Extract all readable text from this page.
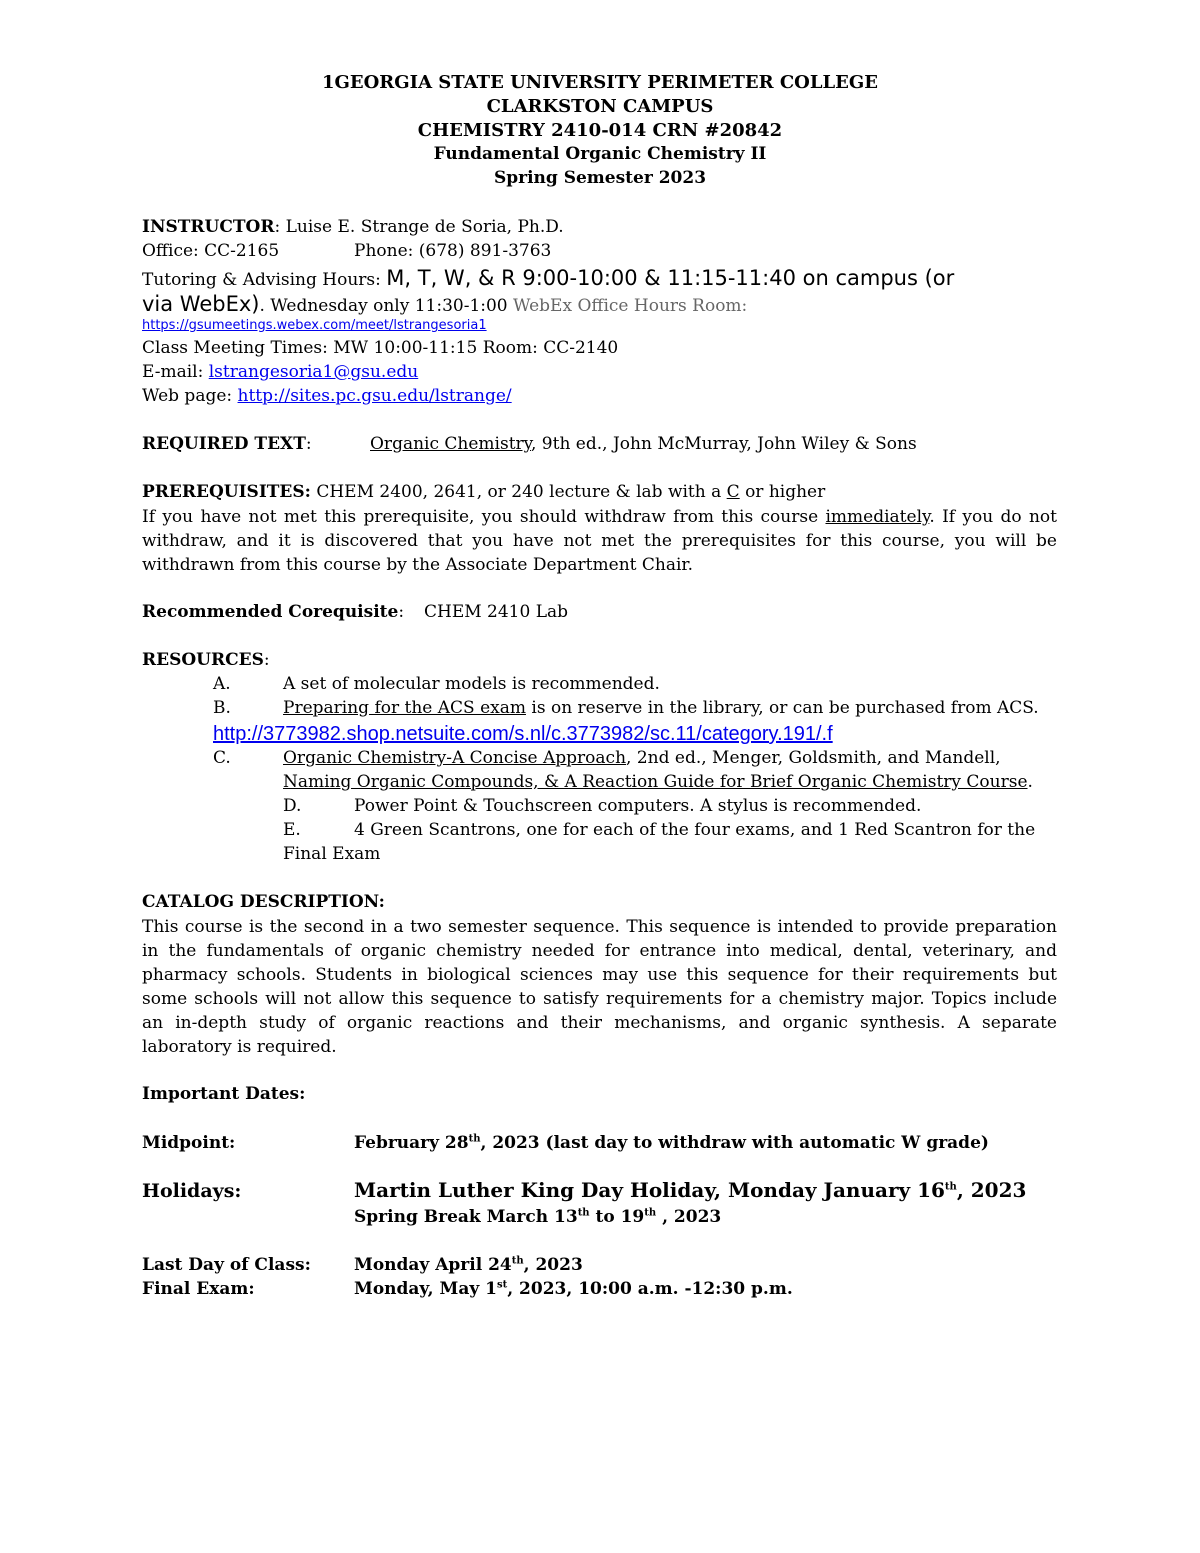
1GEORGIA STATE UNIVERSITY PERIMETER COLLEGE
CLARKSTON CAMPUS
CHEMISTRY 2410-014 CRN #20842
Fundamental Organic Chemistry II
Spring Semester 2023
INSTRUCTOR: Luise E. Strange de Soria, Ph.D.
Office: CC-2165	Phone: (678) 891-3763
Tutoring & Advising Hours: M, T, W, & R 9:00-10:00 & 11:15-11:40 on campus (or
via WebEx). Wednesday only 11:30-1:00 WebEx Office Hours Room:
https://gsumeetings.webex.com/meet/lstrangesoria1
Class Meeting Times: MW 10:00-11:15 Room: CC-2140
E-mail: lstrangesoria1@gsu.edu
Web page: http://sites.pc.gsu.edu/lstrange/
REQUIRED TEXT:	Organic Chemistry, 9th ed., John McMurray, John Wiley & Sons
PREREQUISITES: CHEM 2400, 2641, or 240 lecture & lab with a C or higher
If you have not met this prerequisite, you should withdraw from this course immediately. If you do not withdraw, and it is discovered that you have not met the prerequisites for this course, you will be withdrawn from this course by the Associate Department Chair.
Recommended Corequisite: CHEM 2410 Lab
RESOURCES:
A.	A set of molecular models is recommended.
B.	Preparing for the ACS exam is on reserve in the library, or can be purchased from ACS.
http://3773982.shop.netsuite.com/s.nl/c.3773982/sc.11/category.191/.f
C.	Organic Chemistry-A Concise Approach, 2nd ed., Menger, Goldsmith, and Mandell,
Naming Organic Compounds, & A Reaction Guide for Brief Organic Chemistry Course.
D.	Power Point & Touchscreen computers. A stylus is recommended.
E.	4 Green Scantrons, one for each of the four exams, and 1 Red Scantron for the
Final Exam
CATALOG DESCRIPTION:
This course is the second in a two semester sequence. This sequence is intended to provide preparation in the fundamentals of organic chemistry needed for entrance into medical, dental, veterinary, and pharmacy schools. Students in biological sciences may use this sequence for their requirements but some schools will not allow this sequence to satisfy requirements for a chemistry major. Topics include an in-depth study of organic reactions and their mechanisms, and organic synthesis. A separate laboratory is required.
Important Dates:
Midpoint:	February 28th, 2023 (last day to withdraw with automatic W grade)
Holidays:	Martin Luther King Day Holiday, Monday January 16th, 2023
Spring Break March 13th to 19th , 2023
Last Day of Class:	Monday April 24th, 2023
Final Exam:	Monday, May 1st, 2023, 10:00 a.m. -12:30 p.m.
